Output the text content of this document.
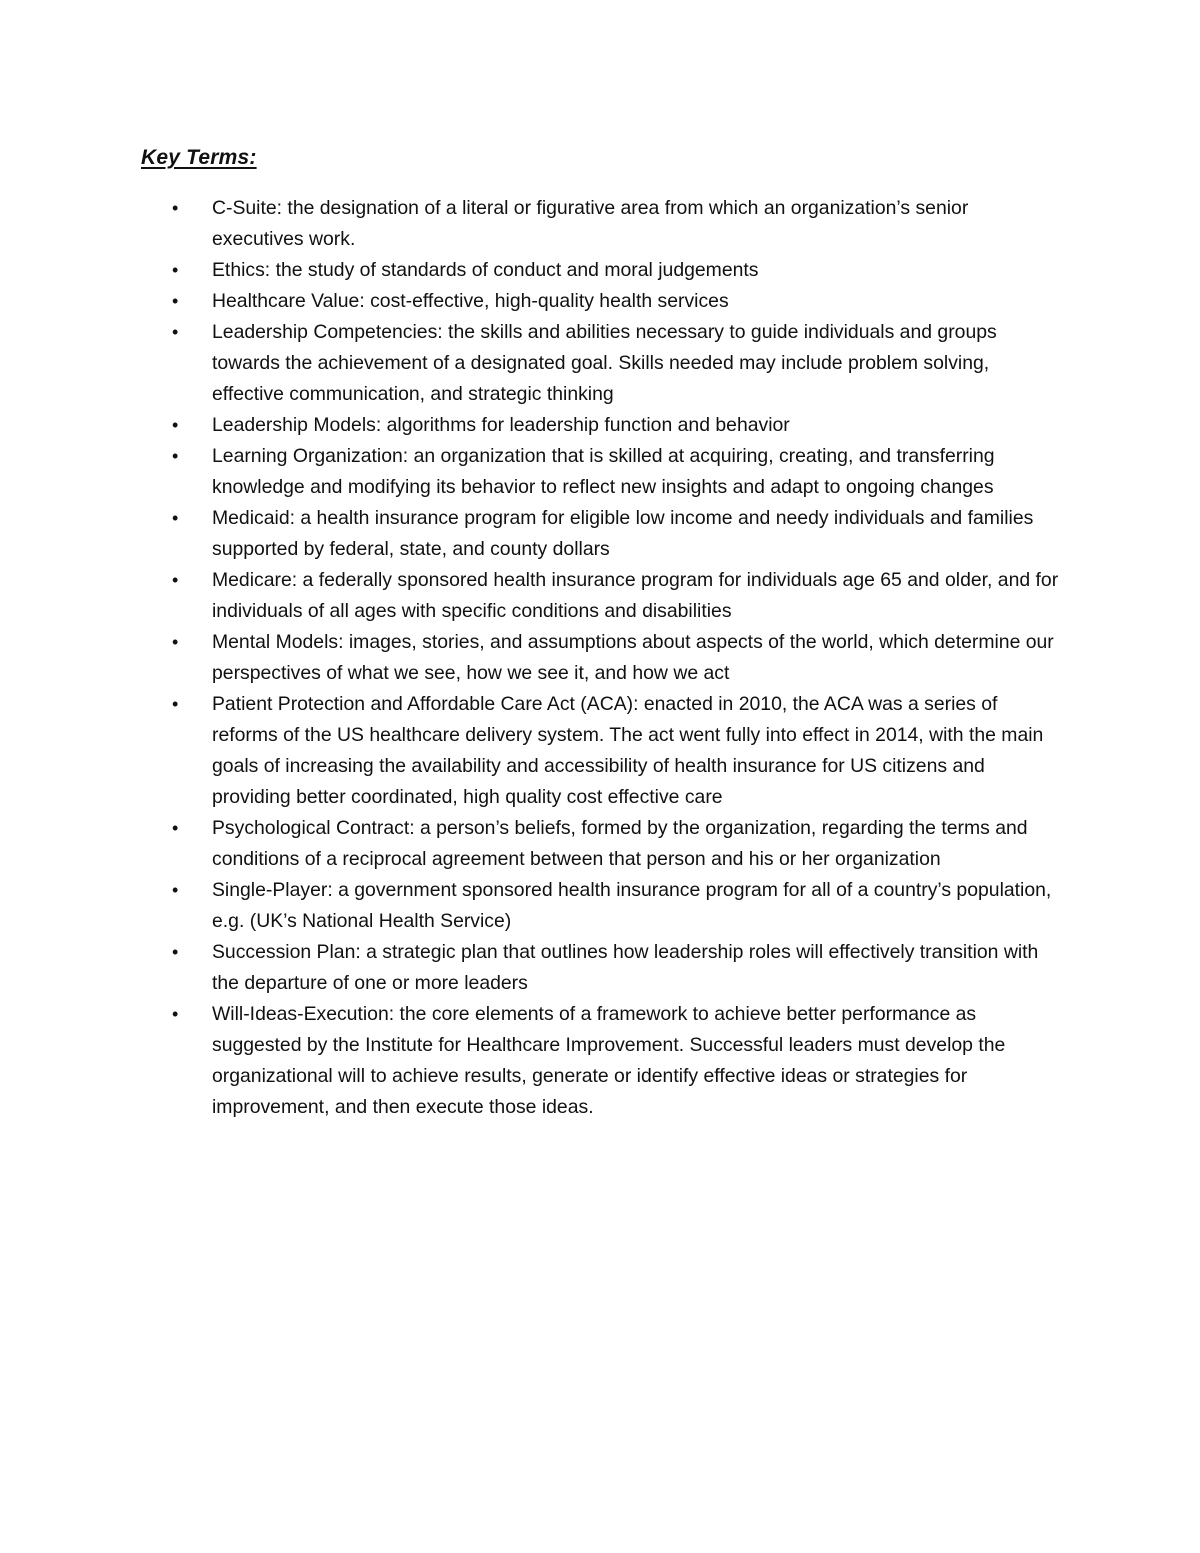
Key Terms:
•	C-Suite: the designation of a literal or figurative area from which an organization’s senior executives work.
•	Ethics: the study of standards of conduct and moral judgements
•	Healthcare Value: cost-effective, high-quality health services
•	Leadership Competencies: the skills and abilities necessary to guide individuals and groups towards the achievement of a designated goal. Skills needed may include problem solving, effective communication, and strategic thinking
•	Leadership Models: algorithms for leadership function and behavior
•	Learning Organization: an organization that is skilled at acquiring, creating, and transferring knowledge and modifying its behavior to reflect new insights and adapt to ongoing changes
•	Medicaid: a health insurance program for eligible low income and needy individuals and families supported by federal, state, and county dollars
•	Medicare: a federally sponsored health insurance program for individuals age 65 and older, and for individuals of all ages with specific conditions and disabilities
•	Mental Models: images, stories, and assumptions about aspects of the world, which determine our perspectives of what we see, how we see it, and how we act
•	Patient Protection and Affordable Care Act (ACA): enacted in 2010, the ACA was a series of reforms of the US healthcare delivery system. The act went fully into effect in 2014, with the main goals of increasing the availability and accessibility of health insurance for US citizens and providing better coordinated, high quality cost effective care
•	Psychological Contract: a person’s beliefs, formed by the organization, regarding the terms and conditions of a reciprocal agreement between that person and his or her organization
•	Single-Player: a government sponsored health insurance program for all of a country’s population, e.g. (UK’s National Health Service)
•	Succession Plan: a strategic plan that outlines how leadership roles will effectively transition with the departure of one or more leaders
•	Will-Ideas-Execution: the core elements of a framework to achieve better performance as suggested by the Institute for Healthcare Improvement. Successful leaders must develop the organizational will to achieve results, generate or identify effective ideas or strategies for improvement, and then execute those ideas.
